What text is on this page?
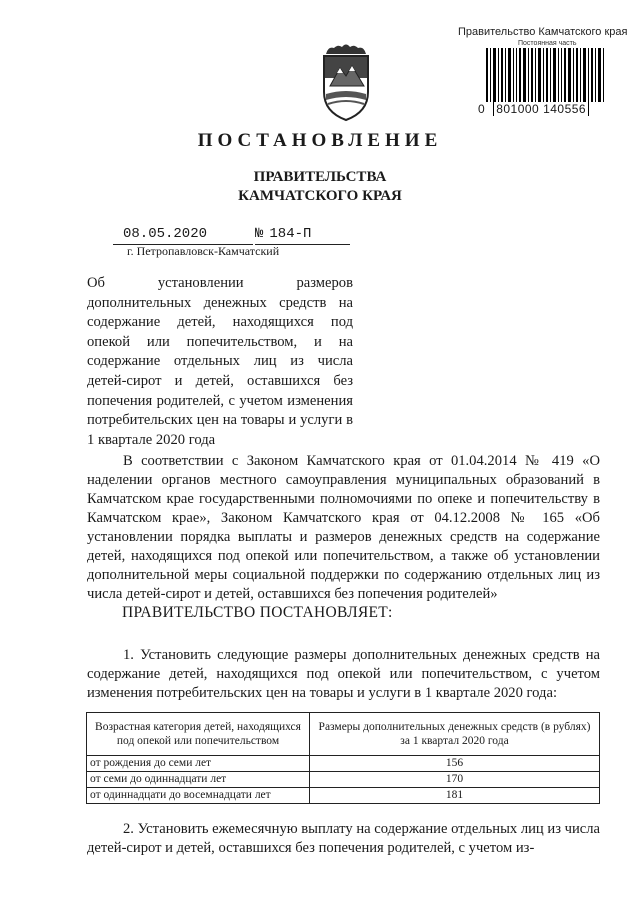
Правительство Камчатского края
Постоянная часть
0 801000 140556
ПОСТАНОВЛЕНИЕ
ПРАВИТЕЛЬСТВА
КАМЧАТСКОГО КРАЯ
08.05.2020	№ 184-П
г. Петропавловск-Камчатский
Об установлении размеров дополнительных денежных средств на содержание детей, находящихся под опекой или попечительством, и на содержание отдельных лиц из числа детей-сирот и детей, оставшихся без попечения родителей, с учетом изменения потребительских цен на товары и услуги в 1 квартале 2020 года
В соответствии с Законом Камчатского края от 01.04.2014 № 419 «О наделении органов местного самоуправления муниципальных образований в Камчатском крае государственными полномочиями по опеке и попечительству в Камчатском крае», Законом Камчатского края от 04.12.2008 № 165 «Об установлении порядка выплаты и размеров денежных средств на содержание детей, находящихся под опекой или попечительством, а также об установлении дополнительной меры социальной поддержки по содержанию отдельных лиц из числа детей-сирот и детей, оставшихся без попечения родителей»
ПРАВИТЕЛЬСТВО ПОСТАНОВЛЯЕТ:
1. Установить следующие размеры дополнительных денежных средств на содержание детей, находящихся под опекой или попечительством, с учетом изменения потребительских цен на товары и услуги в 1 квартале 2020 года:
Возрастная категория детей, находящихся под опекой или попечительством	Размеры дополнительных денежных средств (в рублях) за 1 квартал 2020 года
от рождения до семи лет	156
от семи до одиннадцати лет	170
от одиннадцати до восемнадцати лет	181
2. Установить ежемесячную выплату на содержание отдельных лиц из числа детей-сирот и детей, оставшихся без попечения родителей, с учетом из-
